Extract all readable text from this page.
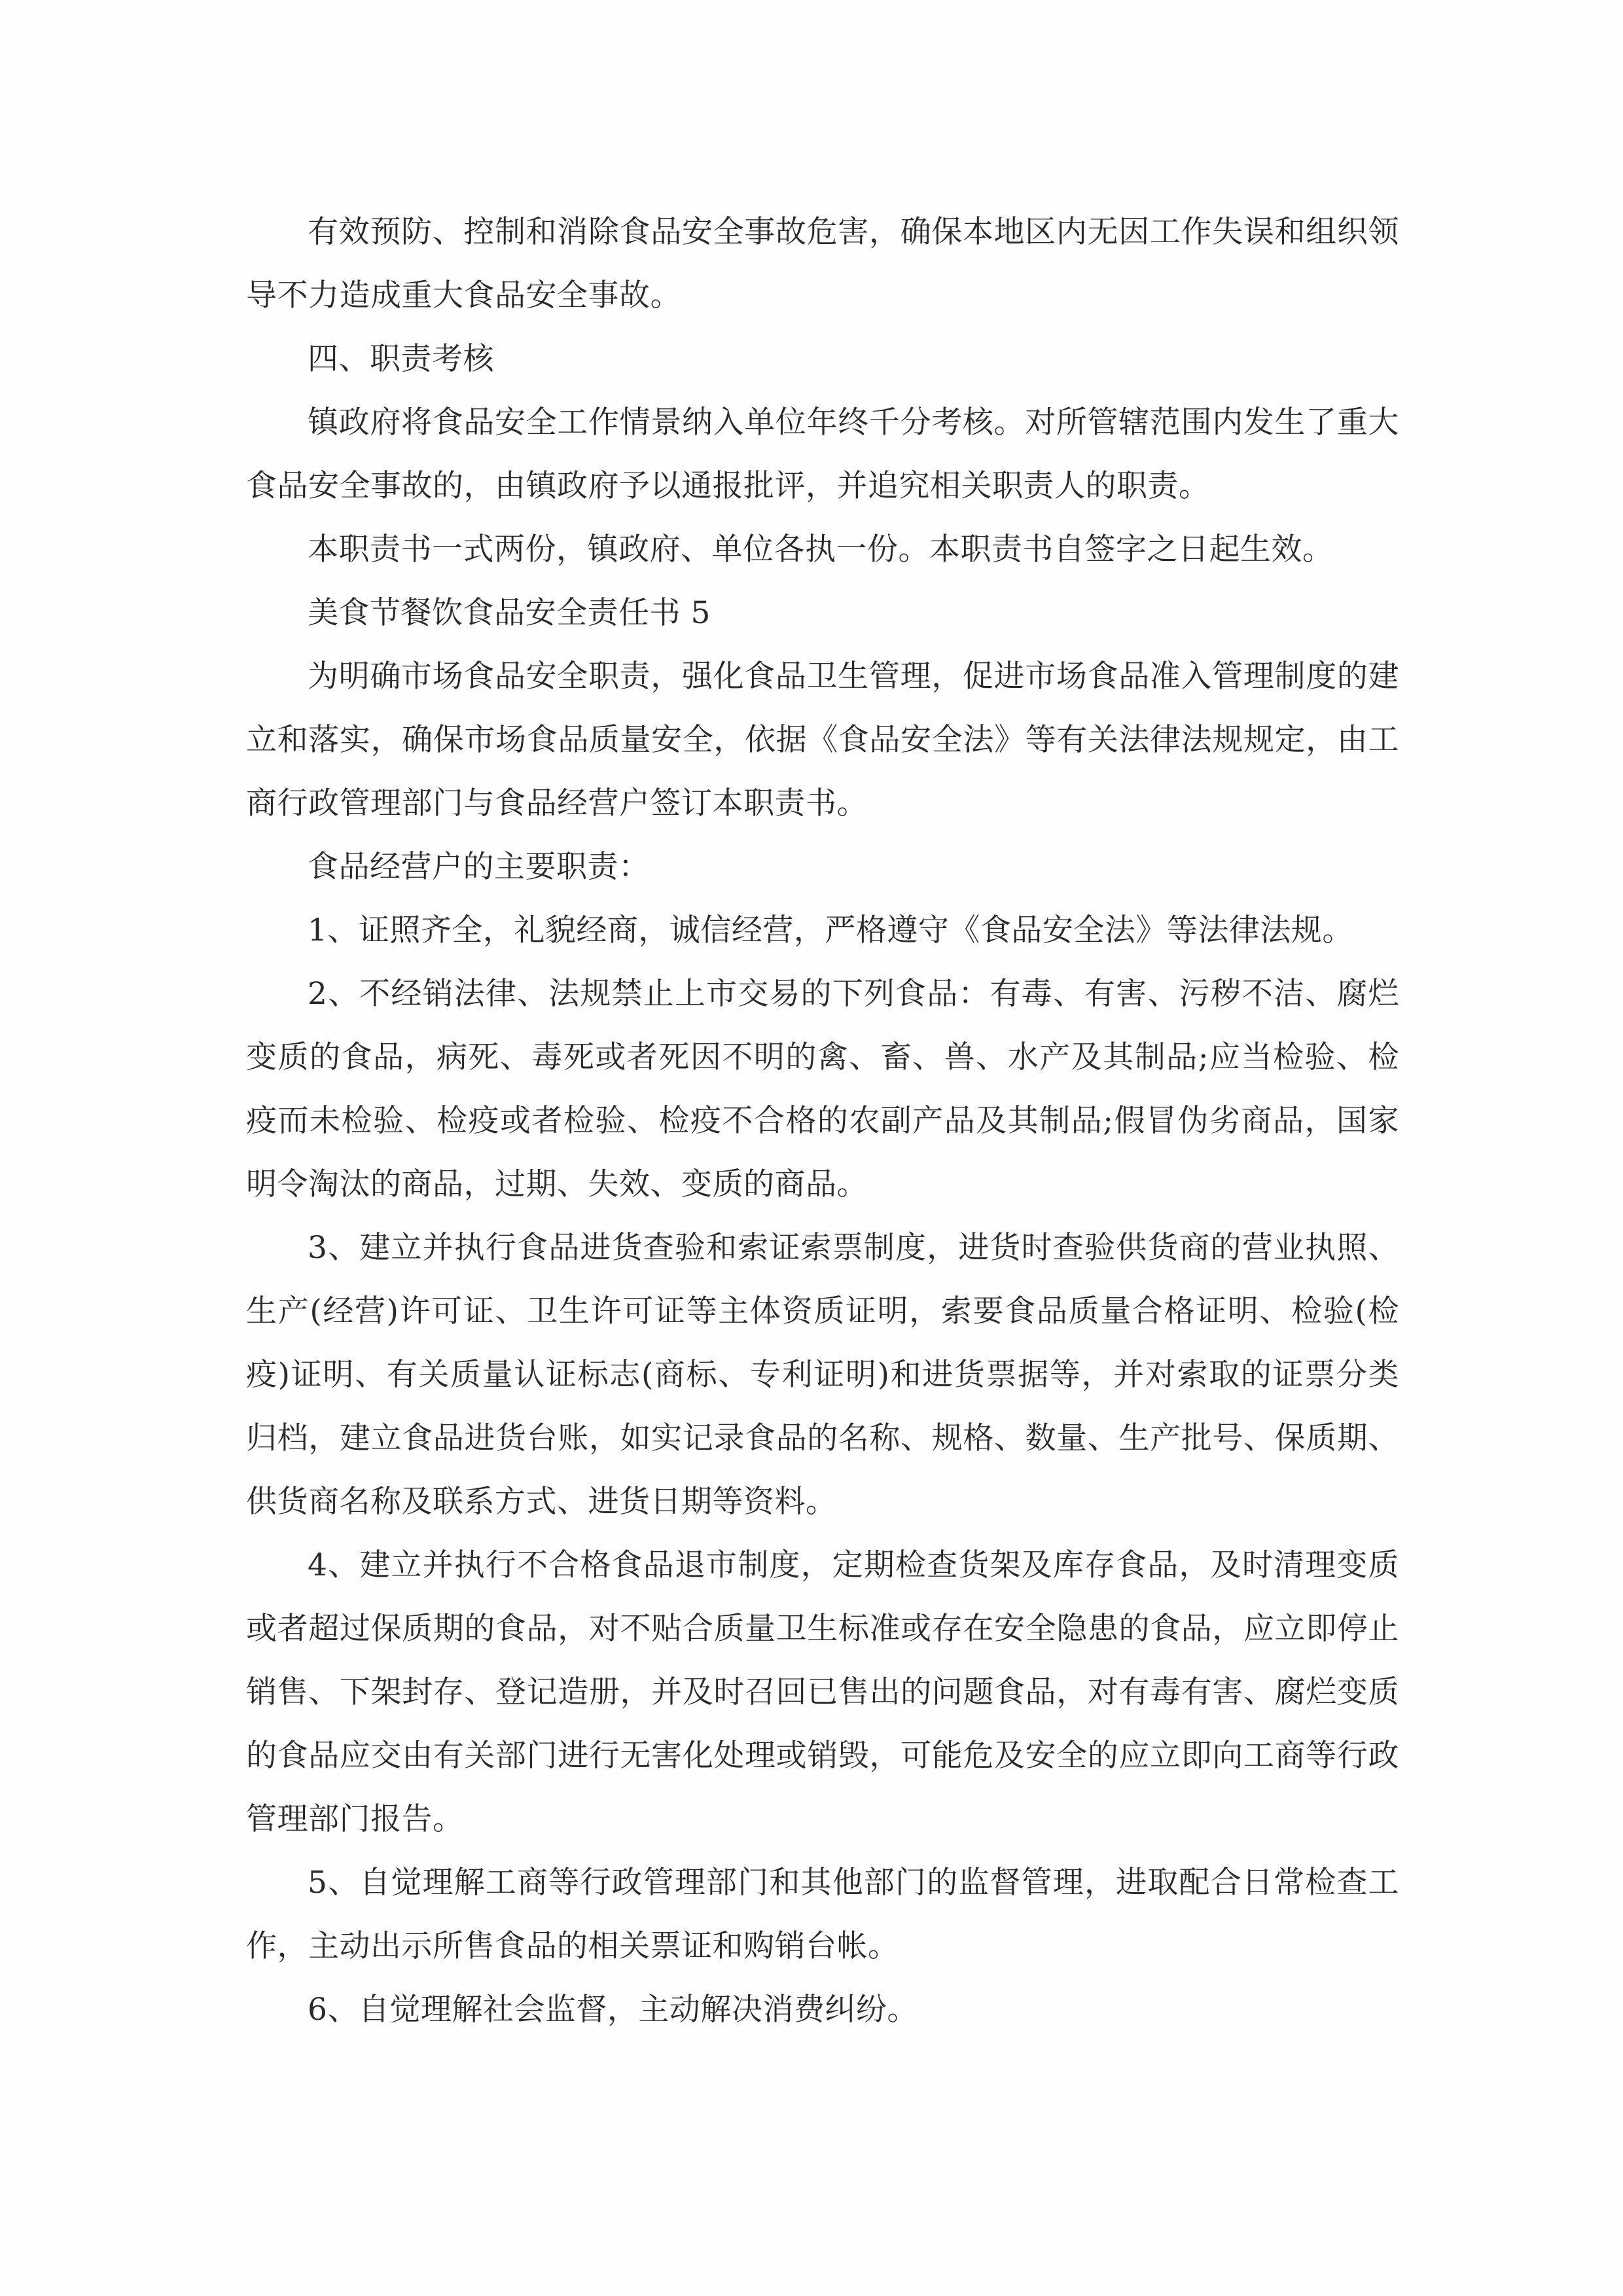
有效预防、控制和消除食品安全事故危害，确保本地区内无因工作失误和组织领导不力造成重大食品安全事故。

四、职责考核

镇政府将食品安全工作情景纳入单位年终千分考核。对所管辖范围内发生了重大食品安全事故的，由镇政府予以通报批评，并追究相关职责人的职责。

本职责书一式两份，镇政府、单位各执一份。本职责书自签字之日起生效。

美食节餐饮食品安全责任书 5

为明确市场食品安全职责，强化食品卫生管理，促进市场食品准入管理制度的建立和落实，确保市场食品质量安全，依据《食品安全法》等有关法律法规规定，由工商行政管理部门与食品经营户签订本职责书。

食品经营户的主要职责：

1、证照齐全，礼貌经商，诚信经营，严格遵守《食品安全法》等法律法规。

2、不经销法律、法规禁止上市交易的下列食品：有毒、有害、污秽不洁、腐烂变质的食品，病死、毒死或者死因不明的禽、畜、兽、水产及其制品;应当检验、检疫而未检验、检疫或者检验、检疫不合格的农副产品及其制品;假冒伪劣商品，国家明令淘汰的商品，过期、失效、变质的商品。

3、建立并执行食品进货查验和索证索票制度，进货时查验供货商的营业执照、生产(经营)许可证、卫生许可证等主体资质证明，索要食品质量合格证明、检验(检疫)证明、有关质量认证标志(商标、专利证明)和进货票据等，并对索取的证票分类归档，建立食品进货台账，如实记录食品的名称、规格、数量、生产批号、保质期、供货商名称及联系方式、进货日期等资料。

4、建立并执行不合格食品退市制度，定期检查货架及库存食品，及时清理变质或者超过保质期的食品，对不贴合质量卫生标准或存在安全隐患的食品，应立即停止销售、下架封存、登记造册，并及时召回已售出的问题食品，对有毒有害、腐烂变质的食品应交由有关部门进行无害化处理或销毁，可能危及安全的应立即向工商等行政管理部门报告。

5、自觉理解工商等行政管理部门和其他部门的监督管理，进取配合日常检查工作，主动出示所售食品的相关票证和购销台帐。

6、自觉理解社会监督，主动解决消费纠纷。
